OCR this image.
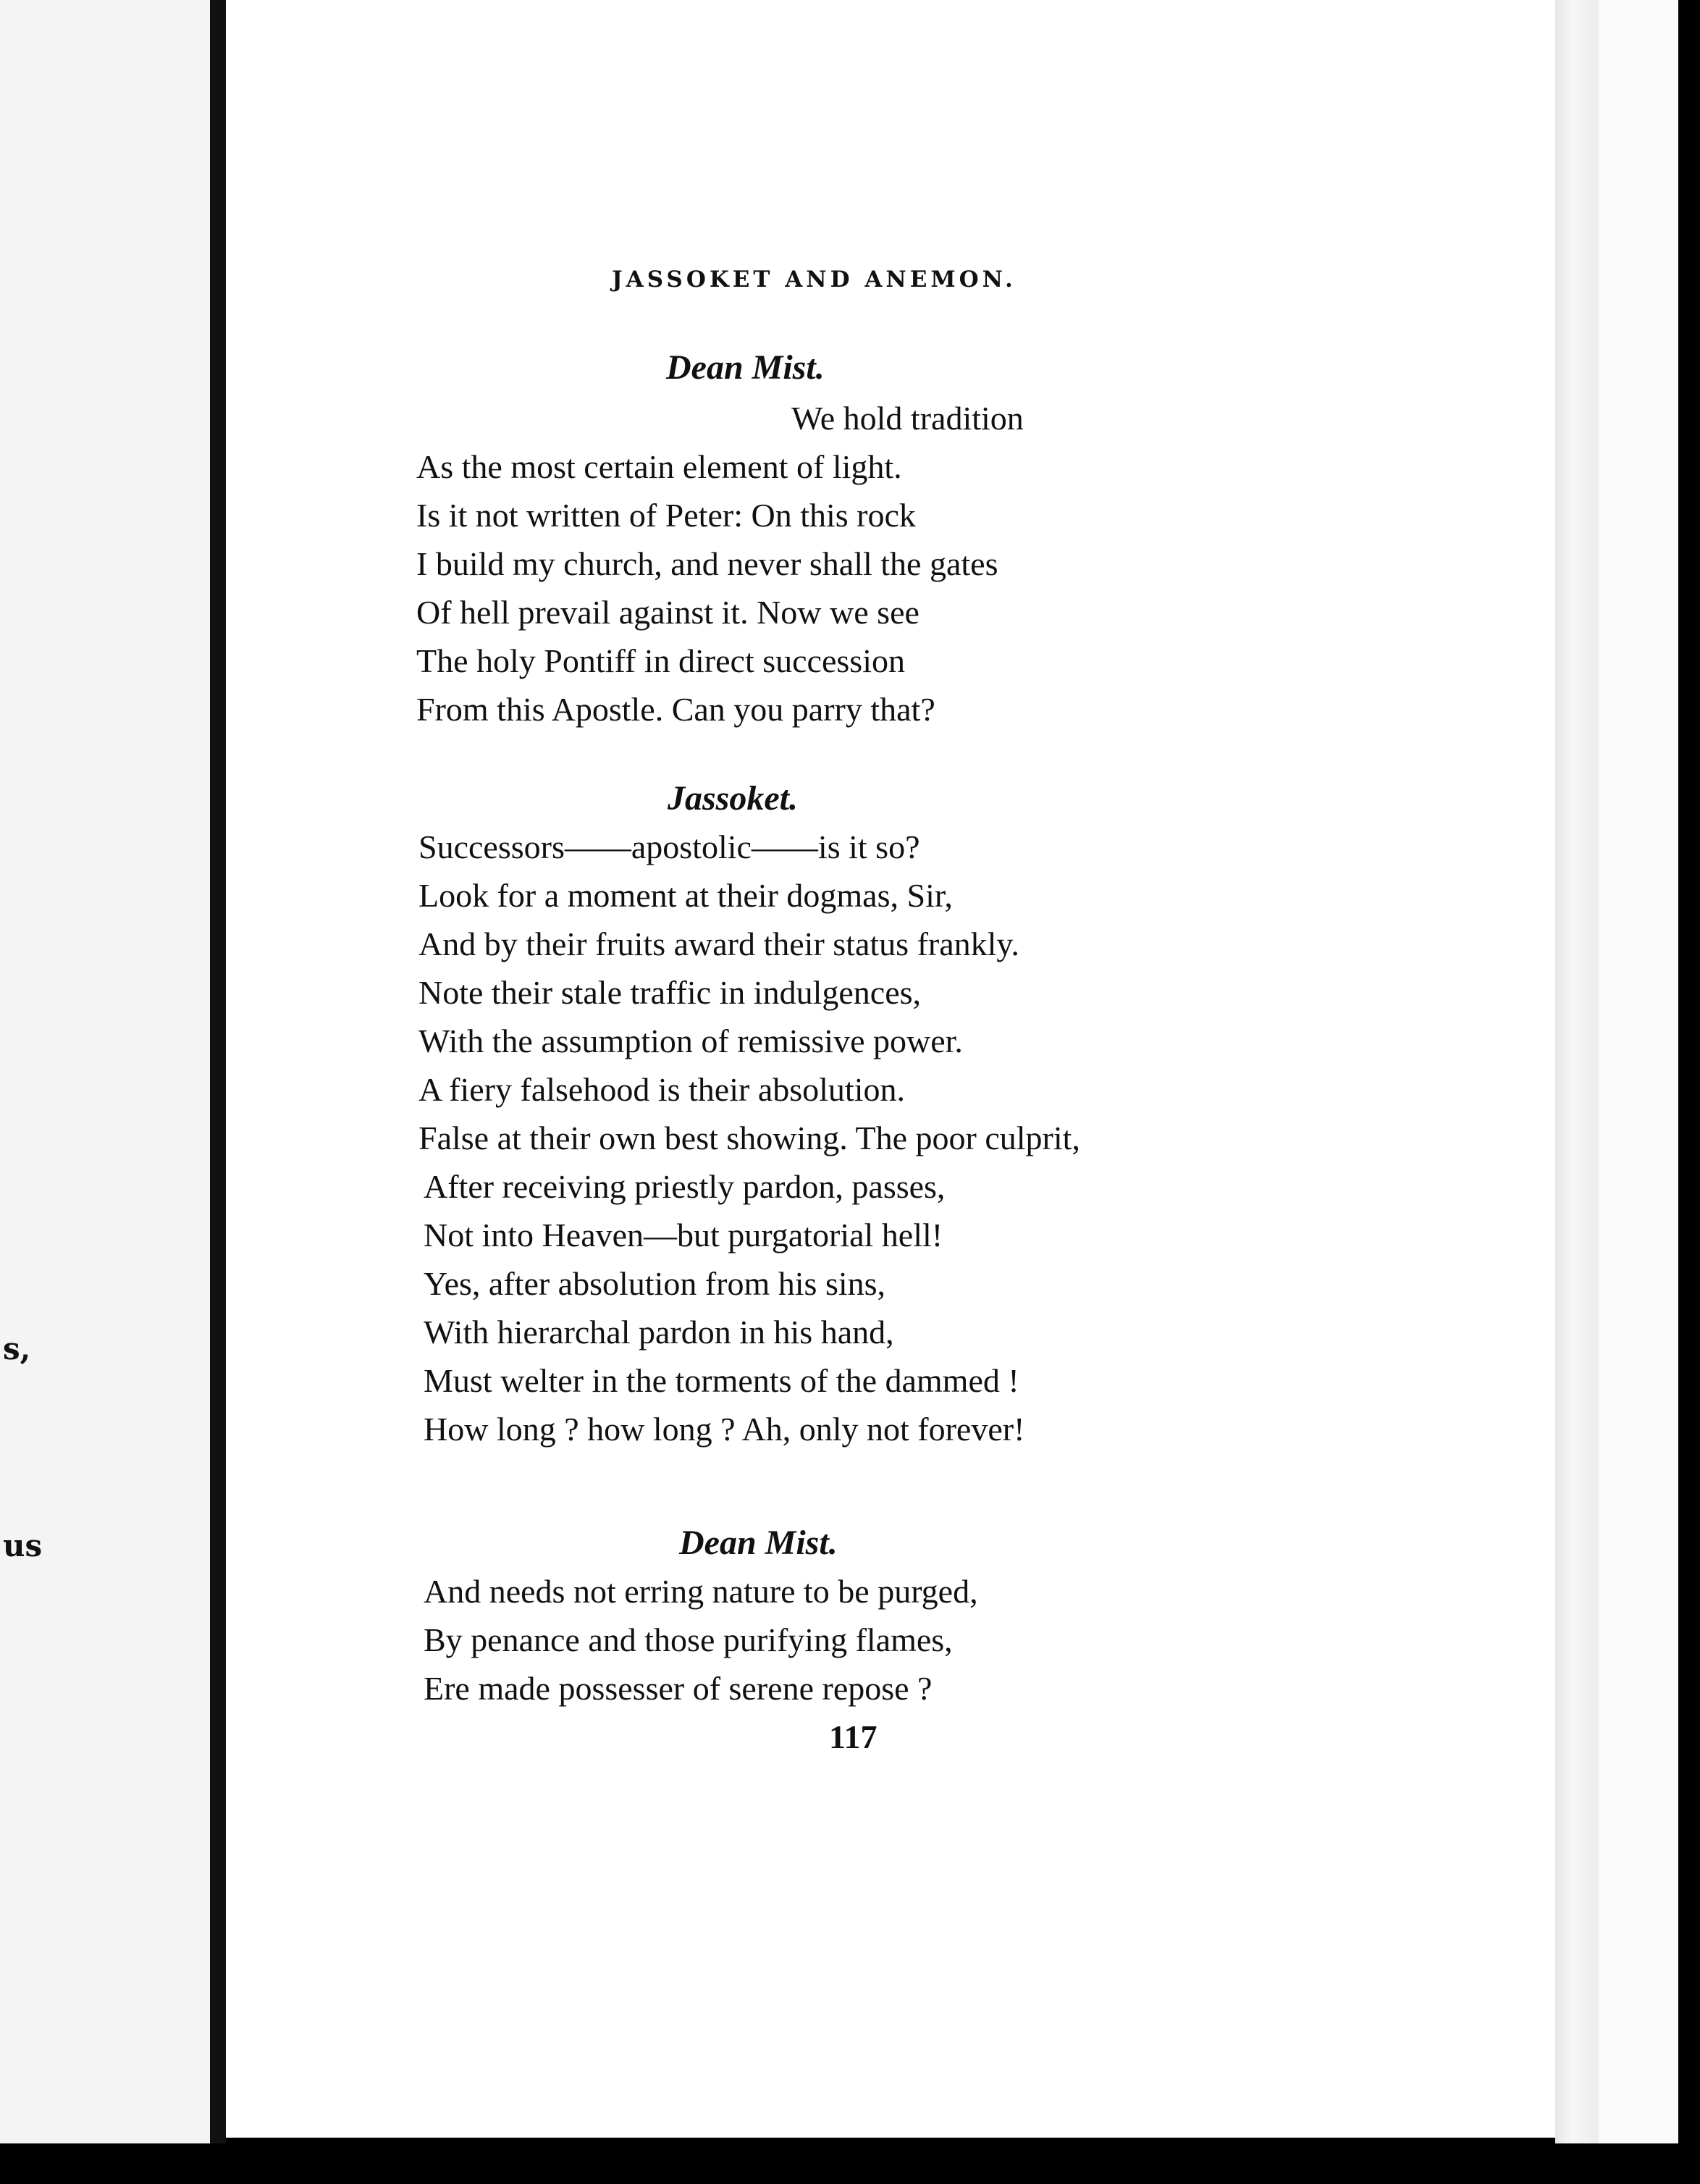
s,
us
JASSOKET AND ANEMON.
Dean Mist.
We hold tradition
As the most certain element of light.
Is it not written of Peter: On this rock
I build my church, and never shall the gates
Of hell prevail against it. Now we see
The holy Pontiff in direct succession
From this Apostle. Can you parry that?
Jassoket.
Successors——apostolic——is it so?
Look for a moment at their dogmas, Sir,
And by their fruits award their status frankly.
Note their stale traffic in indulgences,
With the assumption of remissive power.
A fiery falsehood is their absolution.
False at their own best showing. The poor culprit,
After receiving priestly pardon, passes,
Not into Heaven—but purgatorial hell!
Yes, after absolution from his sins,
With hierarchal pardon in his hand,
Must welter in the torments of the dammed !
How long ? how long ? Ah, only not forever!
Dean Mist.
And needs not erring nature to be purged,
By penance and those purifying flames,
Ere made possesser of serene repose ?
117
